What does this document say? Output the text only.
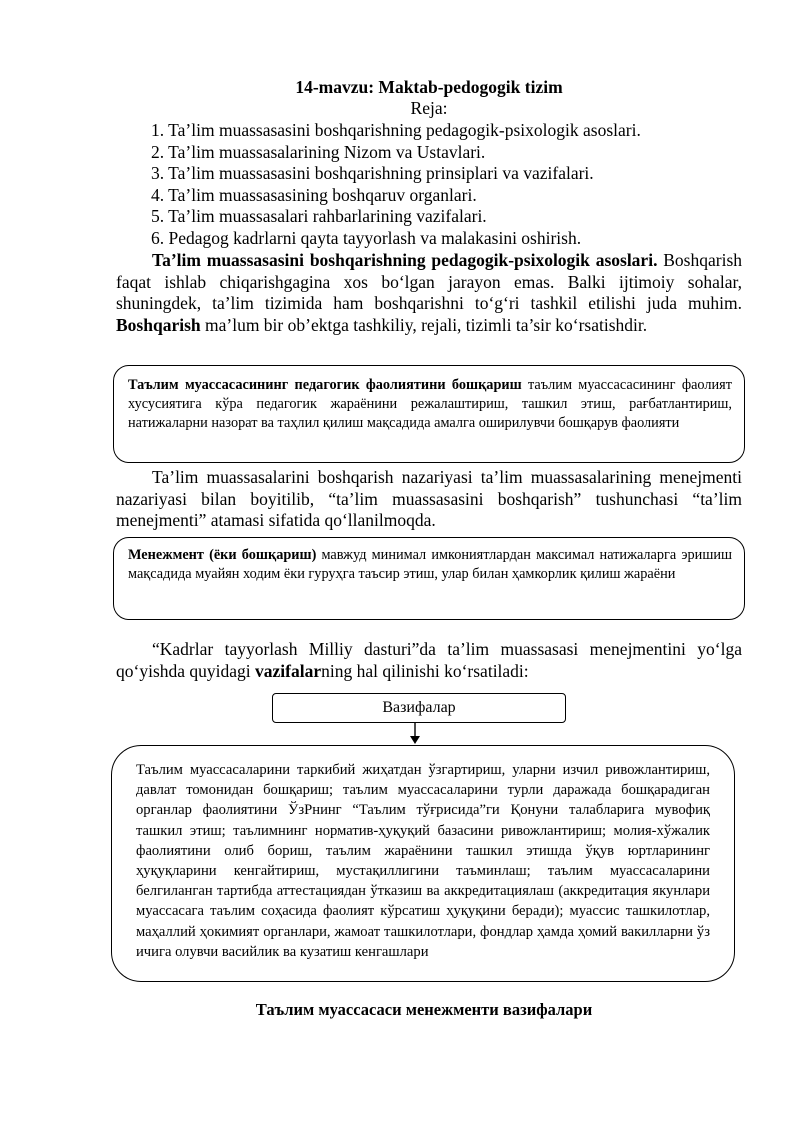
14-mavzu: Maktab-pedogogik tizim
Reja:
1. Ta’lim muassasasini boshqarishning pedagogik-psixologik asoslari.
2. Ta’lim muassasalarining Nizom va Ustavlari.
3. Ta’lim muassasasini boshqarishning prinsiplari va vazifalari.
4. Ta’lim muassasasining boshqaruv organlari.
5. Ta’lim muassasalari rahbarlarining vazifalari.
6. Pedagog kadrlarni qayta tayyorlash va malakasini oshirish.
Ta’lim muassasasini boshqarishning pedagogik-psixologik asoslari. Boshqarish faqat ishlab chiqarishgagina xos bo‘lgan jarayon emas. Balki ijtimoiy sohalar, shuningdek, ta’lim tizimida ham boshqarishni to‘g‘ri tashkil etilishi juda muhim. Boshqarish ma’lum bir ob’ektga tashkiliy, rejali, tizimli ta’sir ko‘rsatishdir.
Таълим муассасасининг педагогик фаолиятини бошқариш таълим муассасасининг фаолият хусусиятига кўра педагогик жараёнини режалаштириш, ташкил этиш, рағбатлантириш, натижаларни назорат ва таҳлил қилиш мақсадида амалга оширилувчи бошқарув фаолияти
Ta’lim muassasalarini boshqarish nazariyasi ta’lim muassasalarining menejmenti nazariyasi bilan boyitilib, “ta’lim muassasasini boshqarish” tushunchasi “ta’lim menejmenti” atamasi sifatida qo‘llanilmoqda.
Менежмент (ёки бошқариш) мавжуд минимал имкониятлардан максимал натижаларга эришиш мақсадида муайян ходим ёки гуруҳга таъсир этиш, улар билан ҳамкорлик қилиш жараёни
“Kadrlar tayyorlash Milliy dasturi”da ta’lim muassasasi menejmentini yo‘lga qo‘yishda quyidagi vazifalarning hal qilinishi ko‘rsatiladi:
Вазифалар
Таълим муассасаларини таркибий жиҳатдан ўзгартириш, уларни изчил ривожлантириш, давлат томонидан бошқариш; таълим муассасаларини турли даражада бошқарадиган органлар фаолиятини ЎзРнинг “Таълим тўғрисида”ги Қонуни талабларига мувофиқ ташкил этиш; таълимнинг норматив-ҳуқуқий базасини ривожлантириш; молия-хўжалик фаолиятини олиб бориш, таълим жараёнини ташкил этишда ўқув юртларининг ҳуқуқларини кенгайтириш, мустақиллигини таъминлаш; таълим муассасаларини белгиланган тартибда аттестациядан ўтказиш ва аккредитациялаш (аккредитация якунлари муассасага таълим соҳасида фаолият кўрсатиш ҳуқуқини беради); муассис ташкилотлар, маҳаллий ҳокимият органлари, жамоат ташкилотлари, фондлар ҳамда ҳомий вакилларни ўз ичига олувчи васийлик ва кузатиш кенгашлари
Таълим муассасаси менежменти вазифалари
